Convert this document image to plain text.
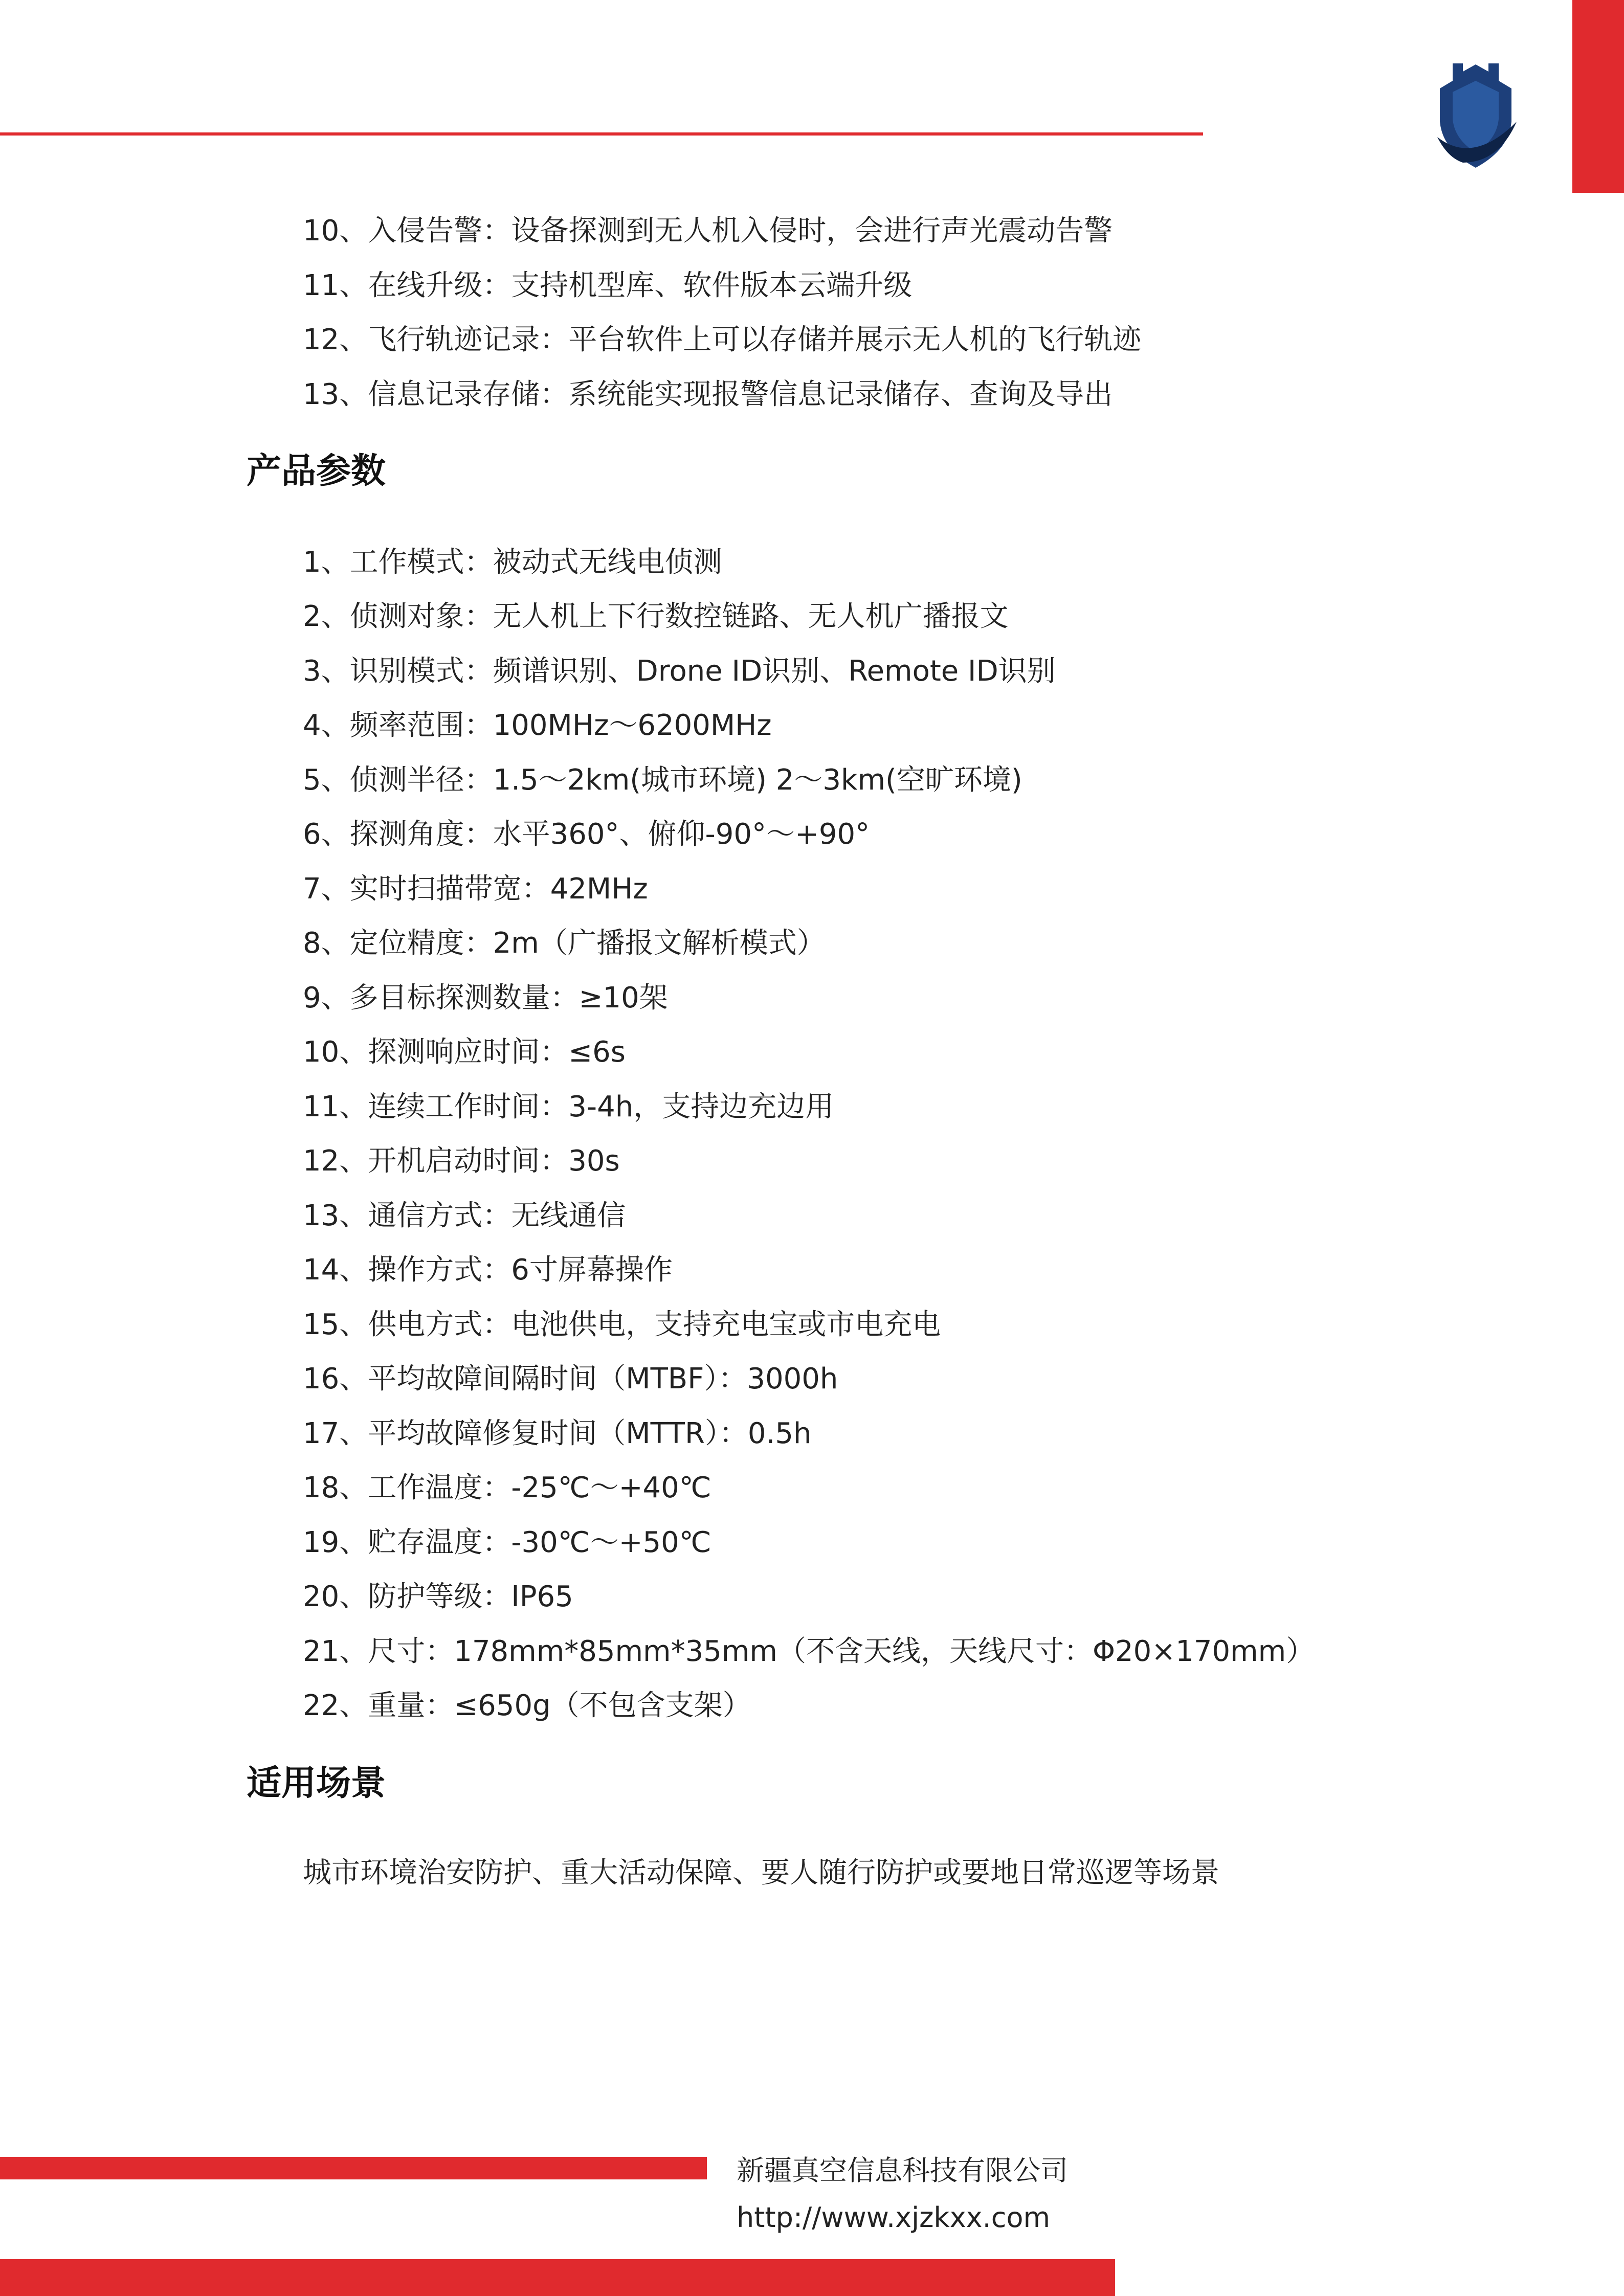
10、入侵告警：设备探测到无人机入侵时，会进行声光震动告警

11、在线升级：支持机型库、软件版本云端升级

12、飞行轨迹记录：平台软件上可以存储并展示无人机的飞行轨迹

13、信息记录存储：系统能实现报警信息记录储存、查询及导出

产品参数

1、工作模式：被动式无线电侦测

2、侦测对象：无人机上下行数控链路、无人机广播报文

3、识别模式：频谱识别、Drone ID识别、Remote ID识别

4、频率范围：100MHz～6200MHz

5、侦测半径：1.5～2km(城市环境) 2～3km(空旷环境)

6、探测角度：水平360°、俯仰-90°～+90°

7、实时扫描带宽：42MHz

8、定位精度：2m（广播报文解析模式）

9、多目标探测数量：≥10架

10、探测响应时间：≤6s

11、连续工作时间：3-4h，支持边充边用

12、开机启动时间：30s

13、通信方式：无线通信

14、操作方式：6寸屏幕操作

15、供电方式：电池供电，支持充电宝或市电充电

16、平均故障间隔时间（MTBF）：3000h

17、平均故障修复时间（MTTR）：0.5h

18、工作温度：-25℃～+40℃

19、贮存温度：-30℃～+50℃

20、防护等级：IP65

21、尺寸：178mm*85mm*35mm（不含天线，天线尺寸：Φ20×170mm）

22、重量：≤650g（不包含支架）

适用场景

城市环境治安防护、重大活动保障、要人随行防护或要地日常巡逻等场景

新疆真空信息科技有限公司

http://www.xjzkxx.com
